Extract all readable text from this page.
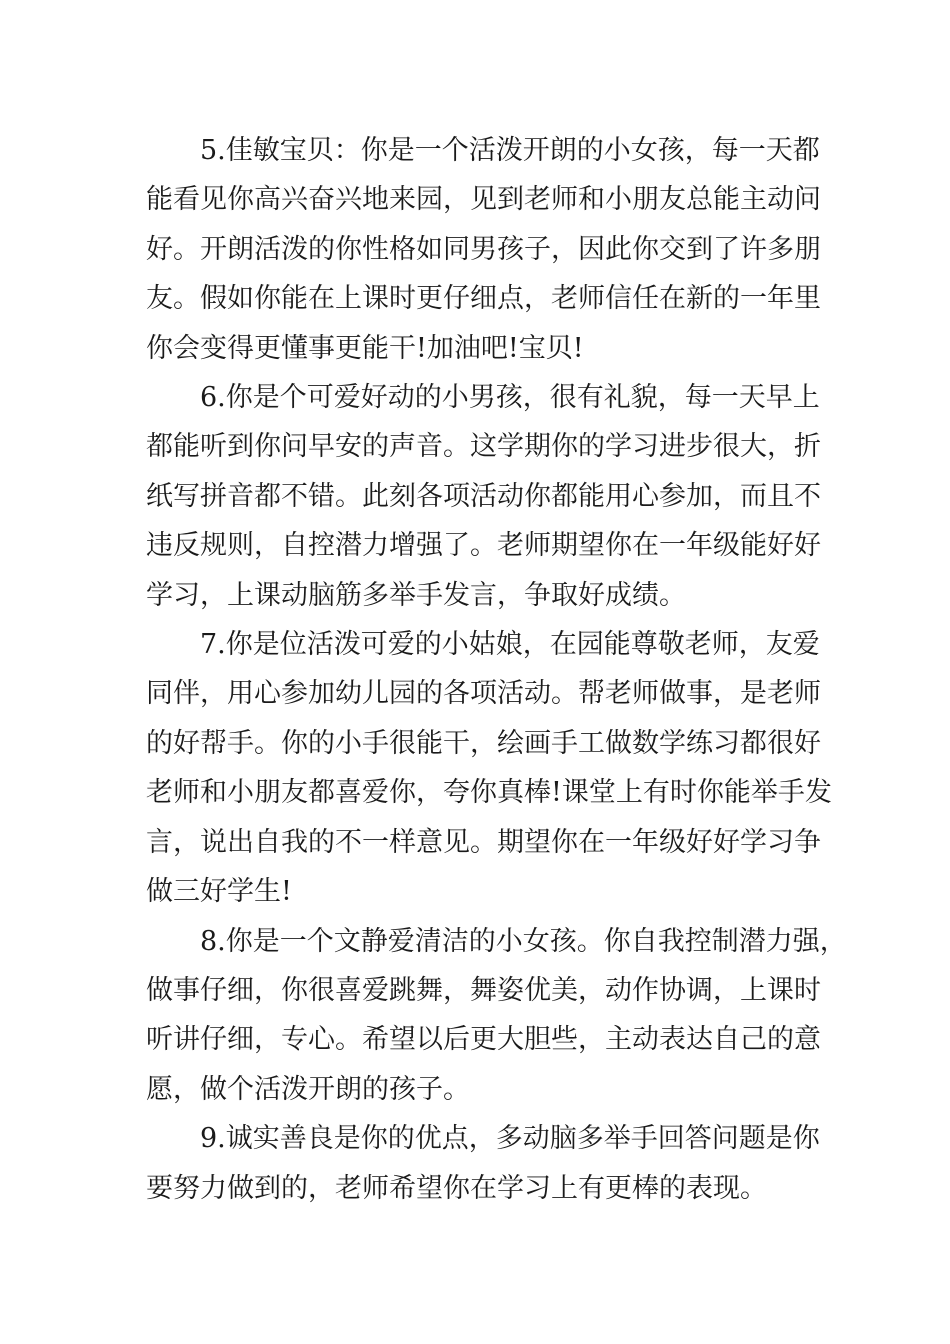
5.佳敏宝贝：你是一个活泼开朗的小女孩，每一天都
能看见你高兴奋兴地来园，见到老师和小朋友总能主动问
好。开朗活泼的你性格如同男孩子，因此你交到了许多朋
友。假如你能在上课时更仔细点，老师信任在新的一年里
你会变得更懂事更能干!加油吧!宝贝!
6.你是个可爱好动的小男孩，很有礼貌，每一天早上
都能听到你问早安的声音。这学期你的学习进步很大，折
纸写拼音都不错。此刻各项活动你都能用心参加，而且不
违反规则，自控潜力增强了。老师期望你在一年级能好好
学习，上课动脑筋多举手发言，争取好成绩。
7.你是位活泼可爱的小姑娘，在园能尊敬老师，友爱
同伴，用心参加幼儿园的各项活动。帮老师做事，是老师
的好帮手。你的小手很能干，绘画手工做数学练习都很好
老师和小朋友都喜爱你，夸你真棒!课堂上有时你能举手发
言，说出自我的不一样意见。期望你在一年级好好学习争
做三好学生!
8.你是一个文静爱清洁的小女孩。你自我控制潜力强，
做事仔细，你很喜爱跳舞，舞姿优美，动作协调，上课时
听讲仔细，专心。希望以后更大胆些，主动表达自己的意
愿，做个活泼开朗的孩子。
9.诚实善良是你的优点，多动脑多举手回答问题是你
要努力做到的，老师希望你在学习上有更棒的表现。
